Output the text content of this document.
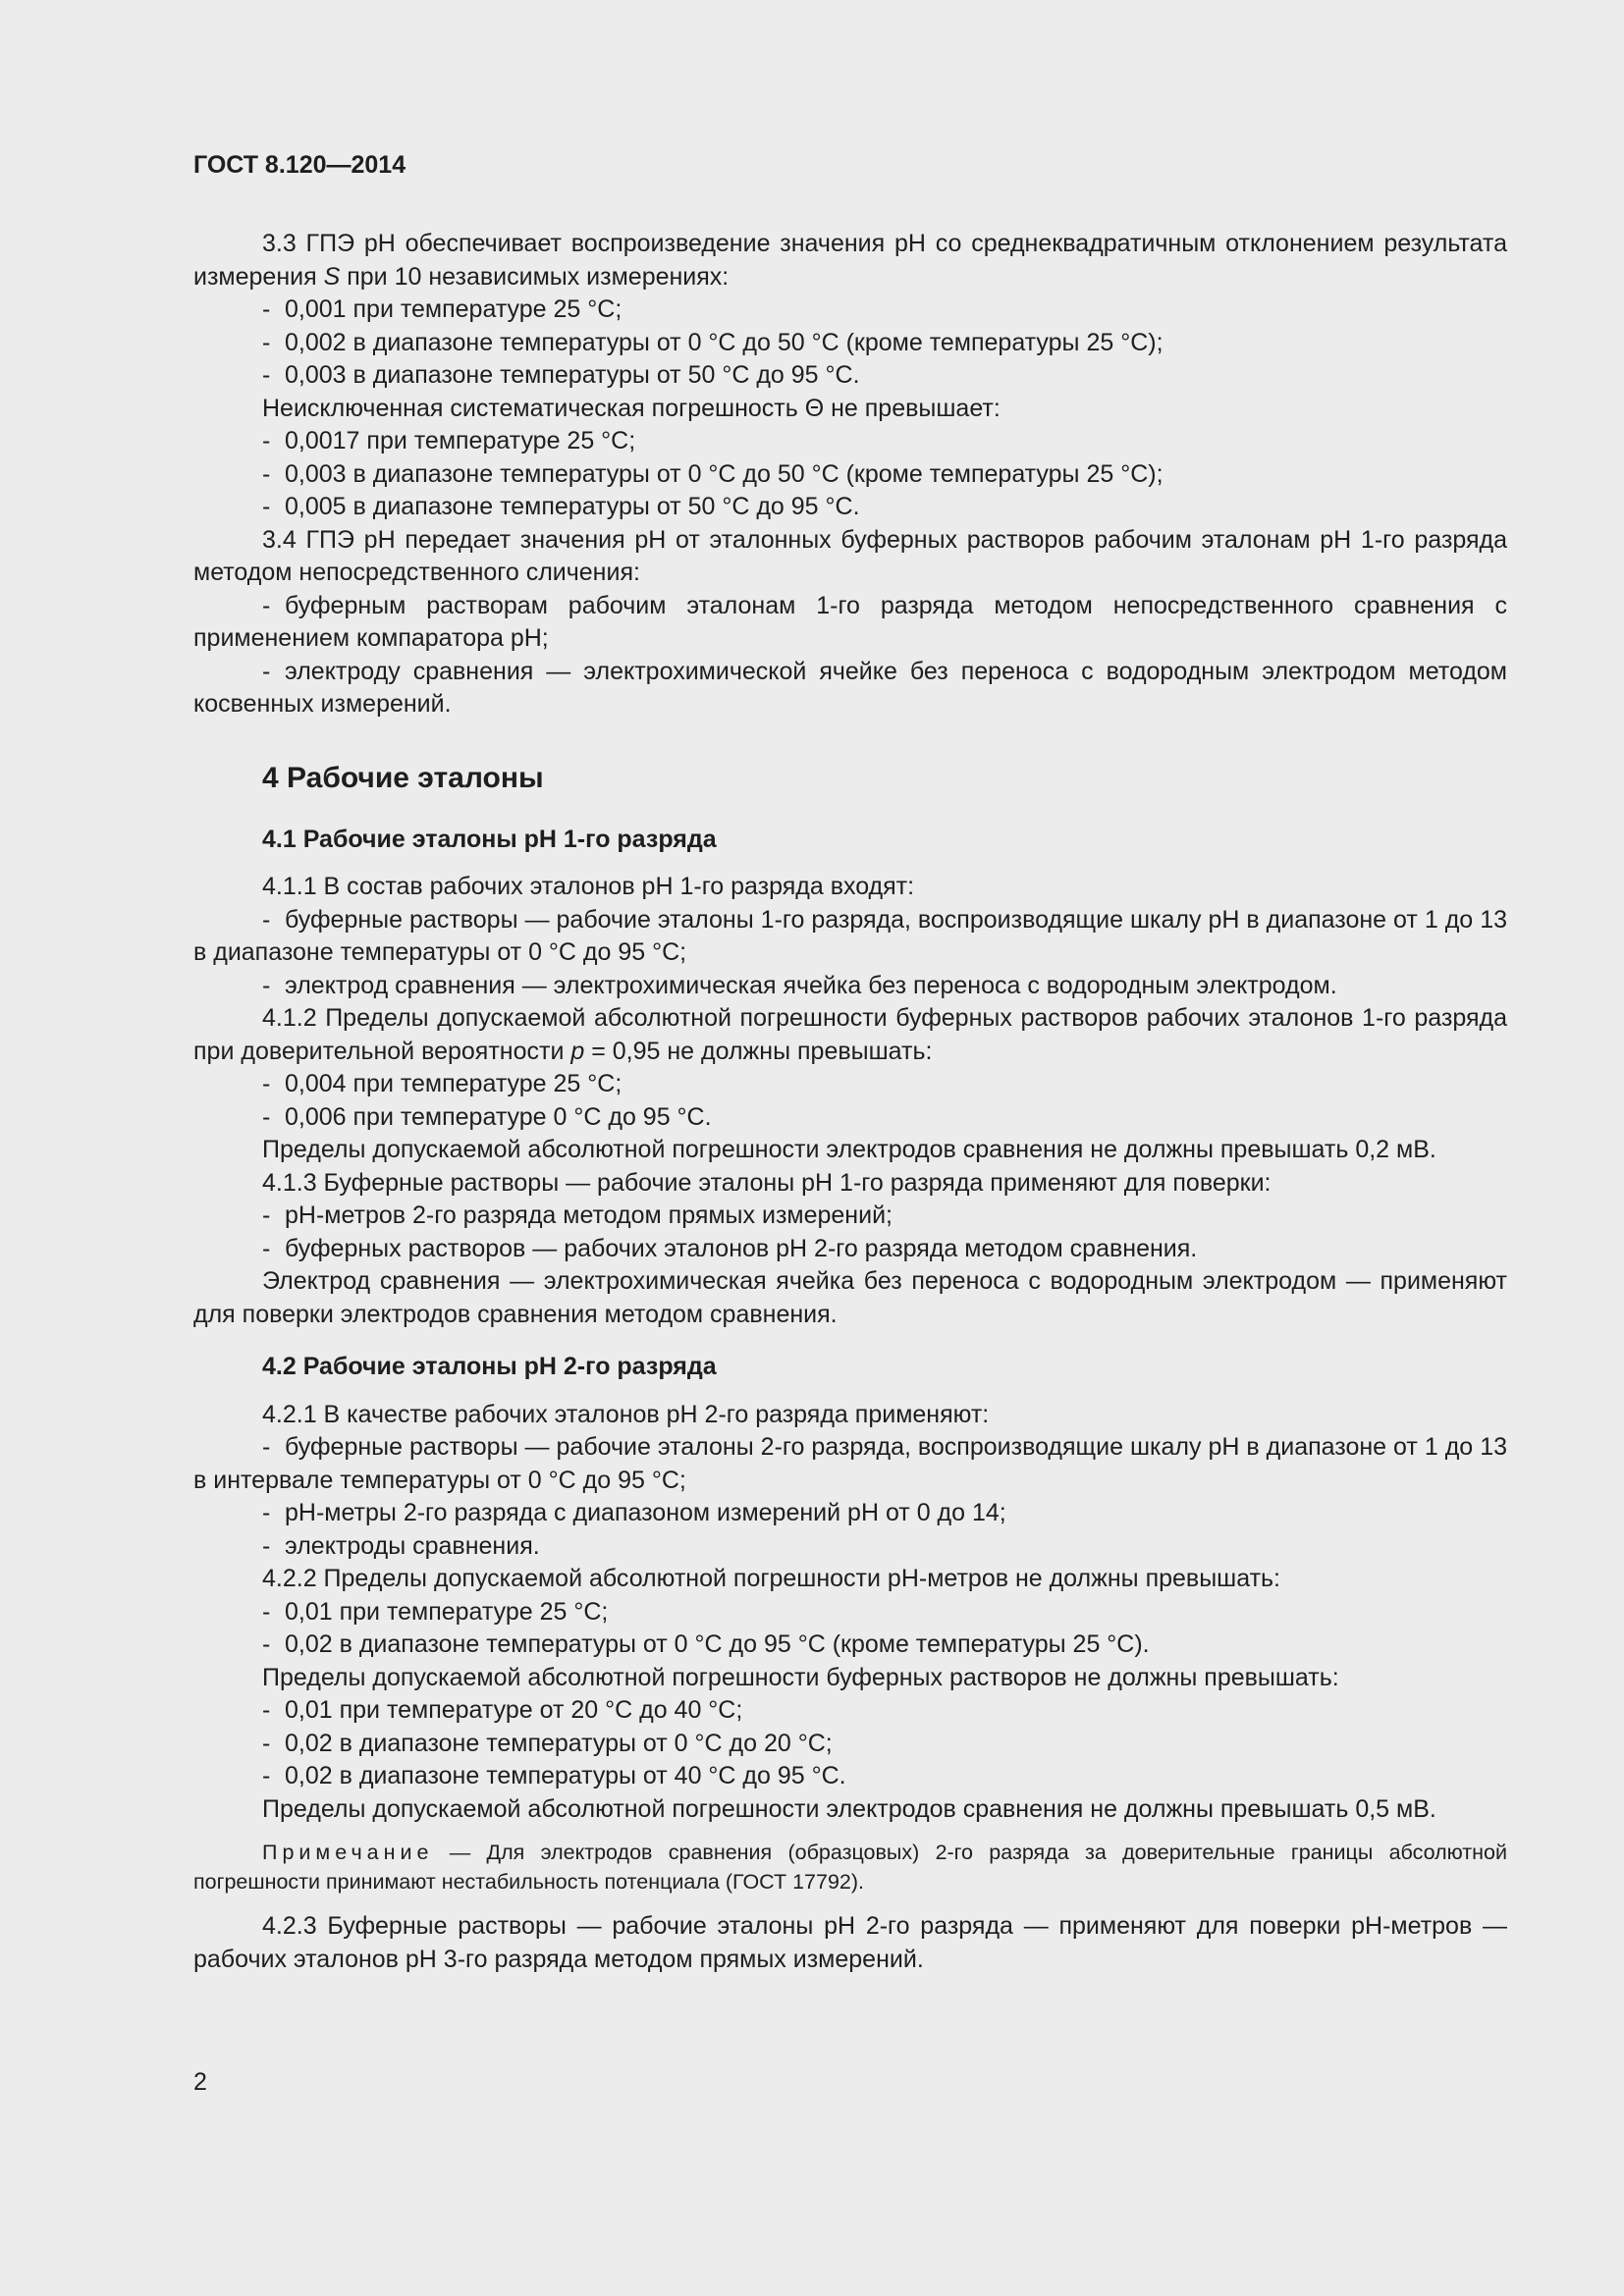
ГОСТ 8.120—2014

3.3 ГПЭ pH обеспечивает воспроизведение значения pH со среднеквадратичным отклонением результата измерения S при 10 независимых измерениях:

- 0,001 при температуре 25 °С;

- 0,002 в диапазоне температуры от 0 °С до 50 °С (кроме температуры 25 °С);

- 0,003 в диапазоне температуры от 50 °С до 95 °С.

Неисключенная систематическая погрешность Θ не превышает:

- 0,0017 при температуре 25 °С;

- 0,003 в диапазоне температуры от 0 °С до 50 °С (кроме температуры 25 °С);

- 0,005 в диапазоне температуры от 50 °С до 95 °С.

3.4 ГПЭ pH передает значения pH от эталонных буферных растворов рабочим эталонам pH 1-го разряда методом непосредственного сличения:

- буферным растворам рабочим эталонам 1-го разряда методом непосредственного сравнения с применением компаратора pH;

- электроду сравнения — электрохимической ячейке без переноса с водородным электродом методом косвенных измерений.

4 Рабочие эталоны
4.1 Рабочие эталоны pH 1-го разряда

4.1.1 В состав рабочих эталонов pH 1-го разряда входят:

- буферные растворы — рабочие эталоны 1-го разряда, воспроизводящие шкалу pH в диапазоне от 1 до 13 в диапазоне температуры от 0 °С до 95 °С;

- электрод сравнения — электрохимическая ячейка без переноса с водородным электродом.

4.1.2 Пределы допускаемой абсолютной погрешности буферных растворов рабочих эталонов 1-го разряда при доверительной вероятности р = 0,95 не должны превышать:

- 0,004 при температуре 25 °С;

- 0,006 при температуре 0 °С до 95 °С.

Пределы допускаемой абсолютной погрешности электродов сравнения не должны превышать 0,2 мВ.

4.1.3 Буферные растворы — рабочие эталоны pH 1-го разряда применяют для поверки:

- pH-метров 2-го разряда методом прямых измерений;

- буферных растворов — рабочих эталонов pH 2-го разряда методом сравнения.

Электрод сравнения — электрохимическая ячейка без переноса с водородным электродом — применяют для поверки электродов сравнения методом сравнения.

4.2 Рабочие эталоны pH 2-го разряда

4.2.1 В качестве рабочих эталонов pH 2-го разряда применяют:

- буферные растворы — рабочие эталоны 2-го разряда, воспроизводящие шкалу pH в диапазоне от 1 до 13 в интервале температуры от 0 °С до 95 °С;

- pH-метры 2-го разряда с диапазоном измерений pH от 0 до 14;

- электроды сравнения.

4.2.2 Пределы допускаемой абсолютной погрешности pH-метров не должны превышать:

- 0,01 при температуре 25 °С;

- 0,02 в диапазоне температуры от 0 °С до 95 °С (кроме температуры 25 °С).

Пределы допускаемой абсолютной погрешности буферных растворов не должны превышать:

- 0,01 при температуре от 20 °С до 40 °С;

- 0,02 в диапазоне температуры от 0 °С до 20 °С;

- 0,02 в диапазоне температуры от 40 °С до 95 °С.

Пределы допускаемой абсолютной погрешности электродов сравнения не должны превышать 0,5 мВ.

Примечание — Для электродов сравнения (образцовых) 2-го разряда за доверительные границы абсолютной погрешности принимают нестабильность потенциала (ГОСТ 17792).

4.2.3 Буферные растворы — рабочие эталоны pH 2-го разряда — применяют для поверки pH-метров — рабочих эталонов pH 3-го разряда методом прямых измерений.

2
